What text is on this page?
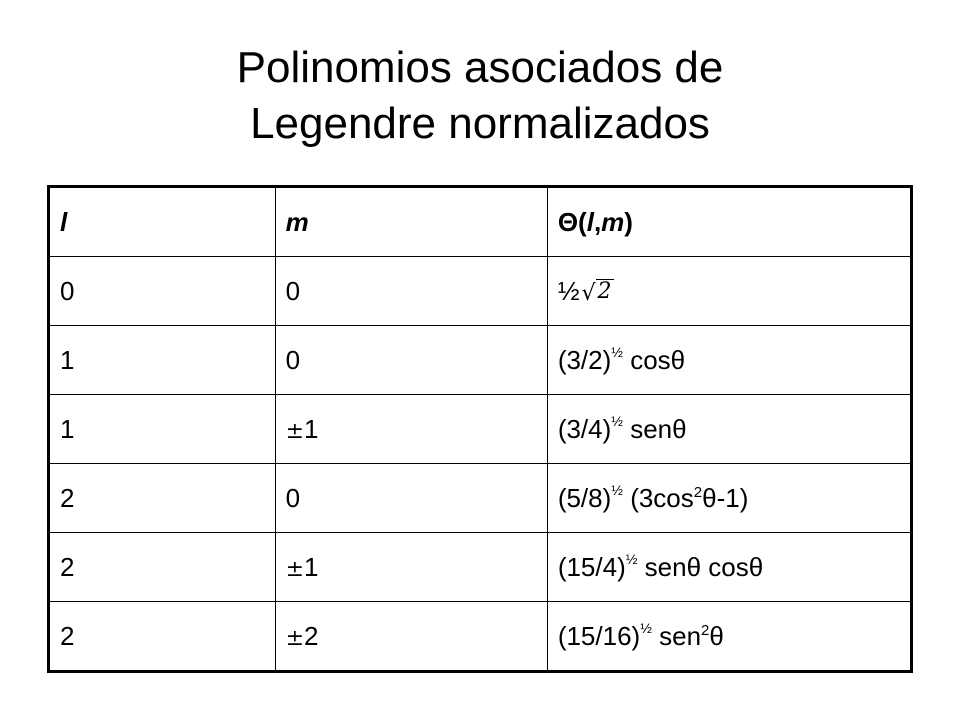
Polinomios asociados de
Legendre normalizados
l	m	Θ(l,m)
0	0	½ √ 2

1	0	$(3/2)^{\frac{1}{2}}$ cosθ
1	±1	$(3/4)^{\frac{1}{2}}$ senθ
2	0	$(5/8)^{\frac{1}{2}}$ $(3\cos^2\theta-1)$
2	±1	$(15/4)^{\frac{1}{2}}$ senθ cosθ
2	±2	$(15/16)^{\frac{1}{2}}$ sen$^2$θ
